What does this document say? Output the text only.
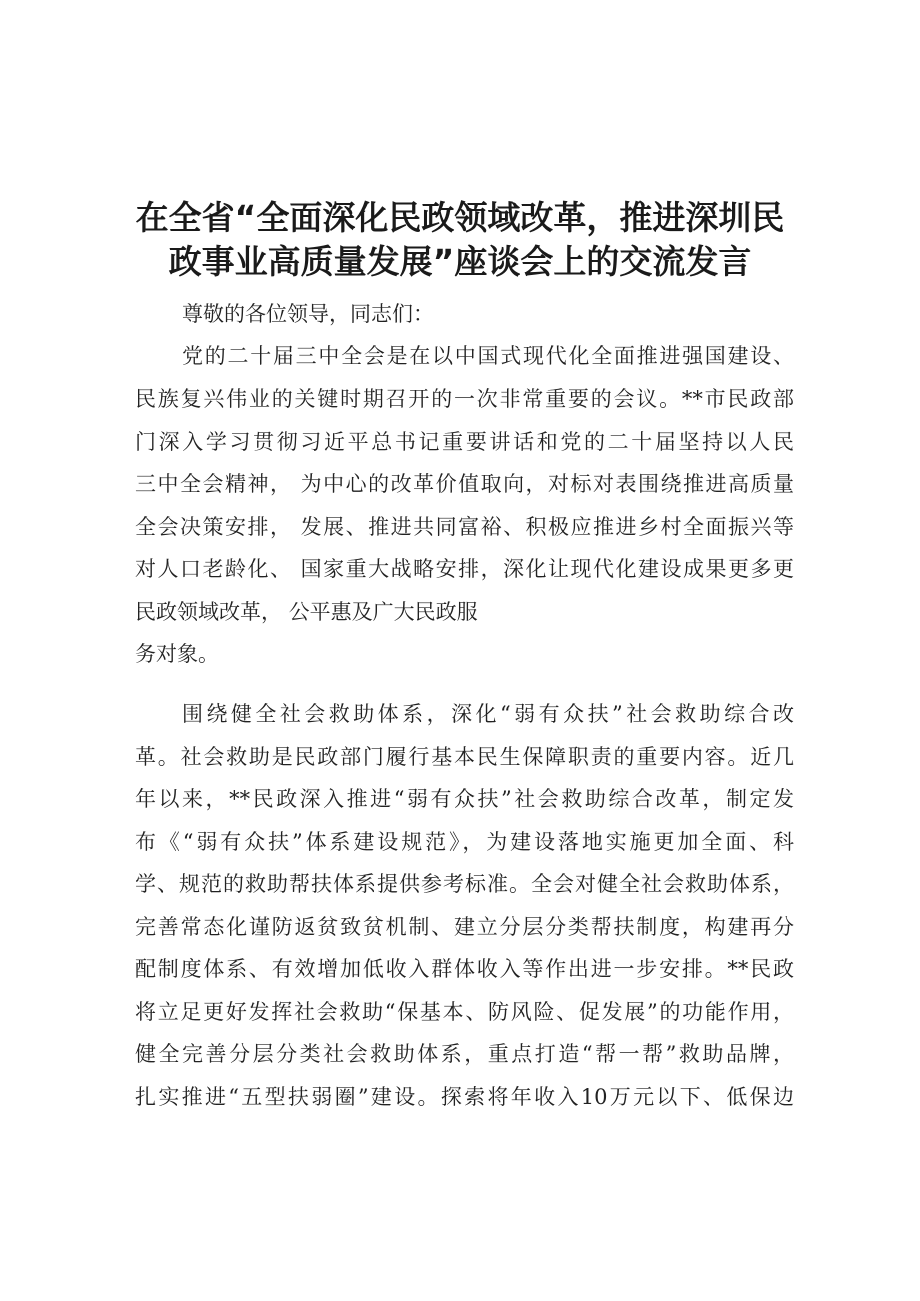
在全省“全面深化民政领域改革，推进深圳民
政事业高质量发展”座谈会上的交流发言
尊敬的各位领导，同志们：
党的二十届三中全会是在以中国式现代化全面推进强国建设、
民族复兴伟业的关键时期召开的一次非常重要的会议。**市民政部
门深入学习贯彻习近平总书记重要讲话和党的二十届坚持以人民
三中全会精神， 为中心的改革价值取向，对标对表围绕推进高质量
全会决策安排， 发展、推进共同富裕、积极应推进乡村全面振兴等
对人口老龄化、 国家重大战略安排，深化让现代化建设成果更多更
民政领域改革， 公平惠及广大民政服
务对象。
围绕健全社会救助体系，深化“弱有众扶”社会救助综合改
革。社会救助是民政部门履行基本民生保障职责的重要内容。近几
年以来，**民政深入推进“弱有众扶”社会救助综合改革，制定发
布《“弱有众扶”体系建设规范》，为建设落地实施更加全面、科
学、规范的救助帮扶体系提供参考标准。全会对健全社会救助体系，
完善常态化谨防返贫致贫机制、建立分层分类帮扶制度，构建再分
配制度体系、有效增加低收入群体收入等作出进一步安排。**民政
将立足更好发挥社会救助“保基本、防风险、促发展”的功能作用，
健全完善分层分类社会救助体系，重点打造“帮一帮”救助品牌，
扎实推进“五型扶弱圈”建设。探索将年收入10万元以下、低保边
